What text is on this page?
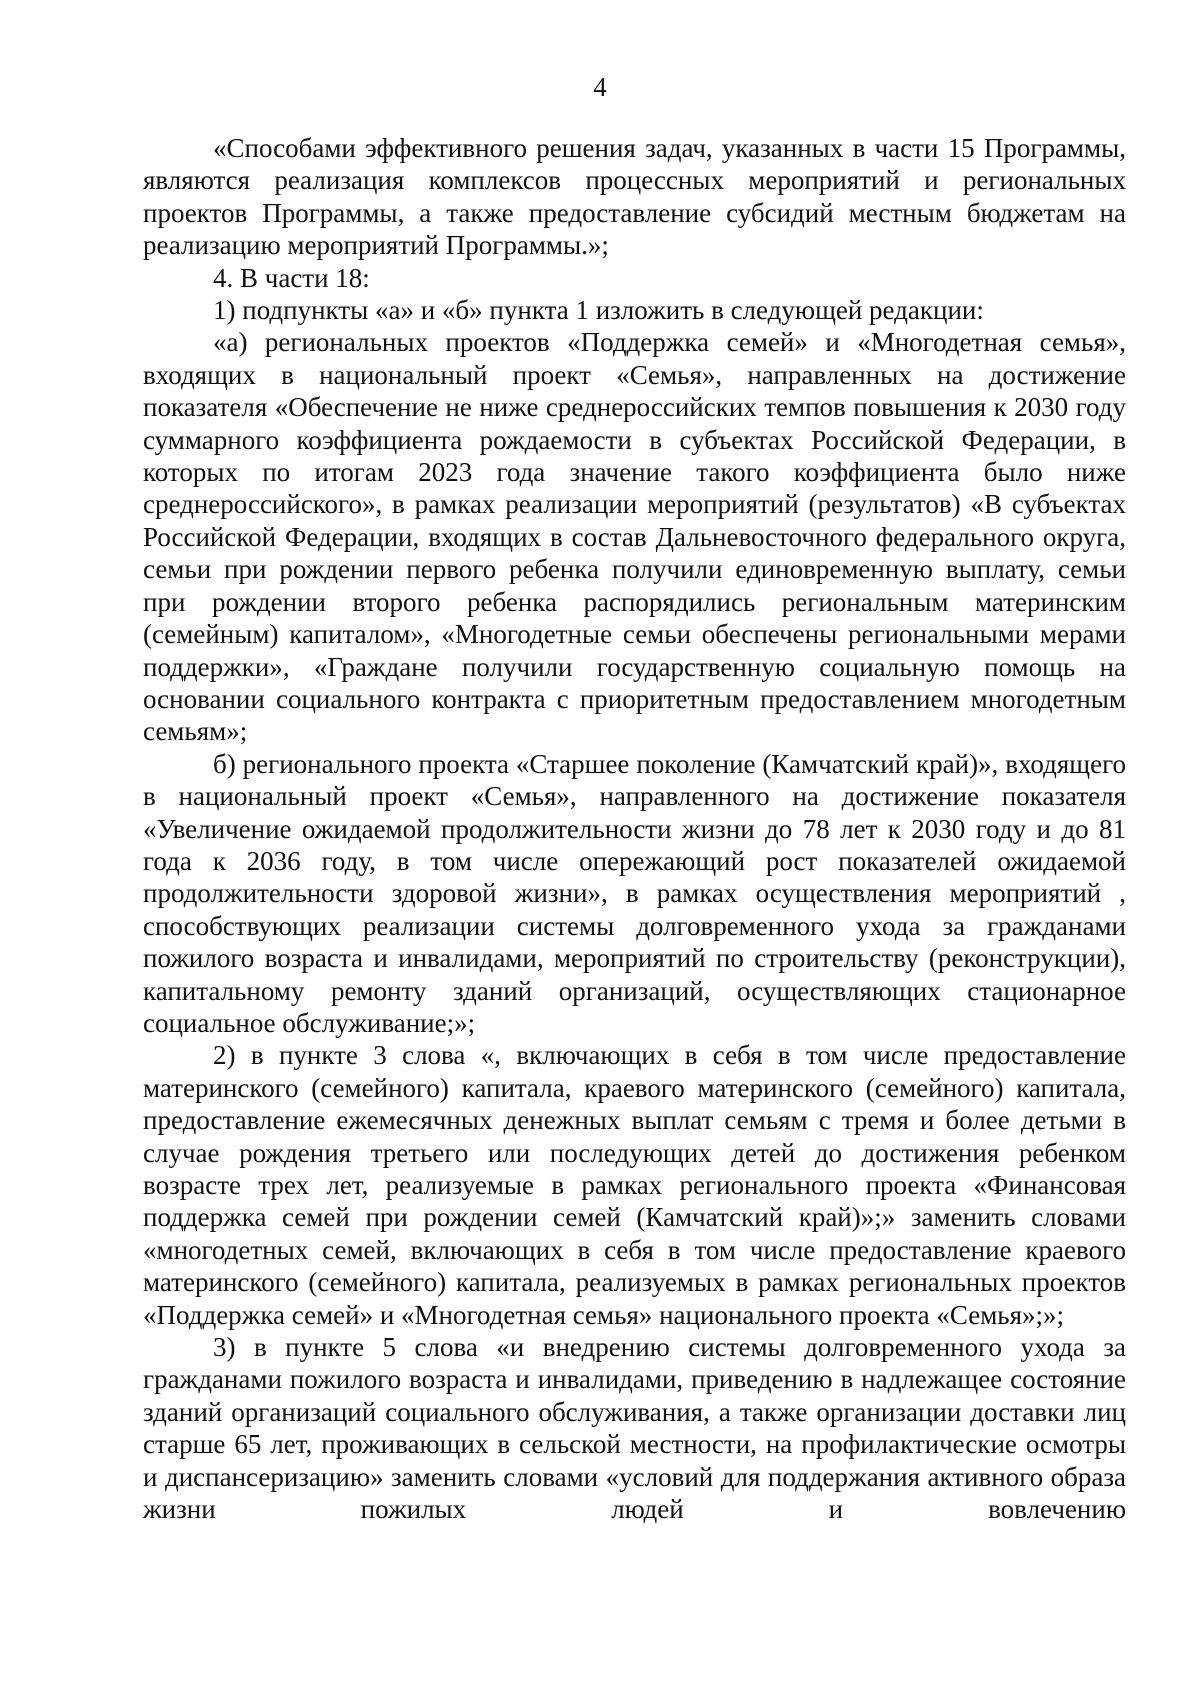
4

«Способами эффективного решения задач, указанных в части 15 Программы, являются реализация комплексов процессных мероприятий и региональных проектов Программы, а также предоставление субсидий местным бюджетам на реализацию мероприятий Программы.»;

4. В части 18:

1) подпункты «а» и «б» пункта 1 изложить в следующей редакции:

«а) региональных проектов «Поддержка семей» и «Многодетная семья», входящих в национальный проект «Семья», направленных на достижение показателя «Обеспечение не ниже среднероссийских темпов повышения к 2030 году суммарного коэффициента рождаемости в субъектах Российской Федерации, в которых по итогам 2023 года значение такого коэффициента было ниже среднероссийского», в рамках реализации мероприятий (результатов) «В субъектах Российской Федерации, входящих в состав Дальневосточного федерального округа, семьи при рождении первого ребенка получили единовременную выплату, семьи при рождении второго ребенка распорядились региональным материнским (семейным) капиталом», «Многодетные семьи обеспечены региональными мерами поддержки», «Граждане получили государственную социальную помощь на основании социального контракта с приоритетным предоставлением многодетным семьям»;

б) регионального проекта «Старшее поколение (Камчатский край)», входящего в национальный проект «Семья», направленного на достижение показателя «Увеличение ожидаемой продолжительности жизни до 78 лет к 2030 году и до 81 года к 2036 году, в том числе опережающий рост показателей ожидаемой продолжительности здоровой жизни», в рамках осуществления мероприятий , способствующих реализации системы долговременного ухода за гражданами пожилого возраста и инвалидами, мероприятий по строительству (реконструкции), капитальному ремонту зданий организаций, осуществляющих стационарное социальное обслуживание;»;

2) в пункте 3 слова «, включающих в себя в том числе предоставление материнского (семейного) капитала, краевого материнского (семейного) капитала, предоставление ежемесячных денежных выплат семьям с тремя и более детьми в случае рождения третьего или последующих детей до достижения ребенком возрасте трех лет, реализуемые в рамках регионального проекта «Финансовая поддержка семей при рождении семей (Камчатский край)»;» заменить словами «многодетных семей, включающих в себя в том числе предоставление краевого материнского (семейного) капитала, реализуемых в рамках региональных проектов «Поддержка семей» и «Многодетная семья» национального проекта «Семья»;»;

3) в пункте 5 слова «и внедрению системы долговременного ухода за гражданами пожилого возраста и инвалидами, приведению в надлежащее состояние зданий организаций социального обслуживания, а также организации доставки лиц старше 65 лет, проживающих в сельской местности, на профилактические осмотры и диспансеризацию» заменить словами «условий для поддержания активного образа жизни пожилых людей и вовлечению
